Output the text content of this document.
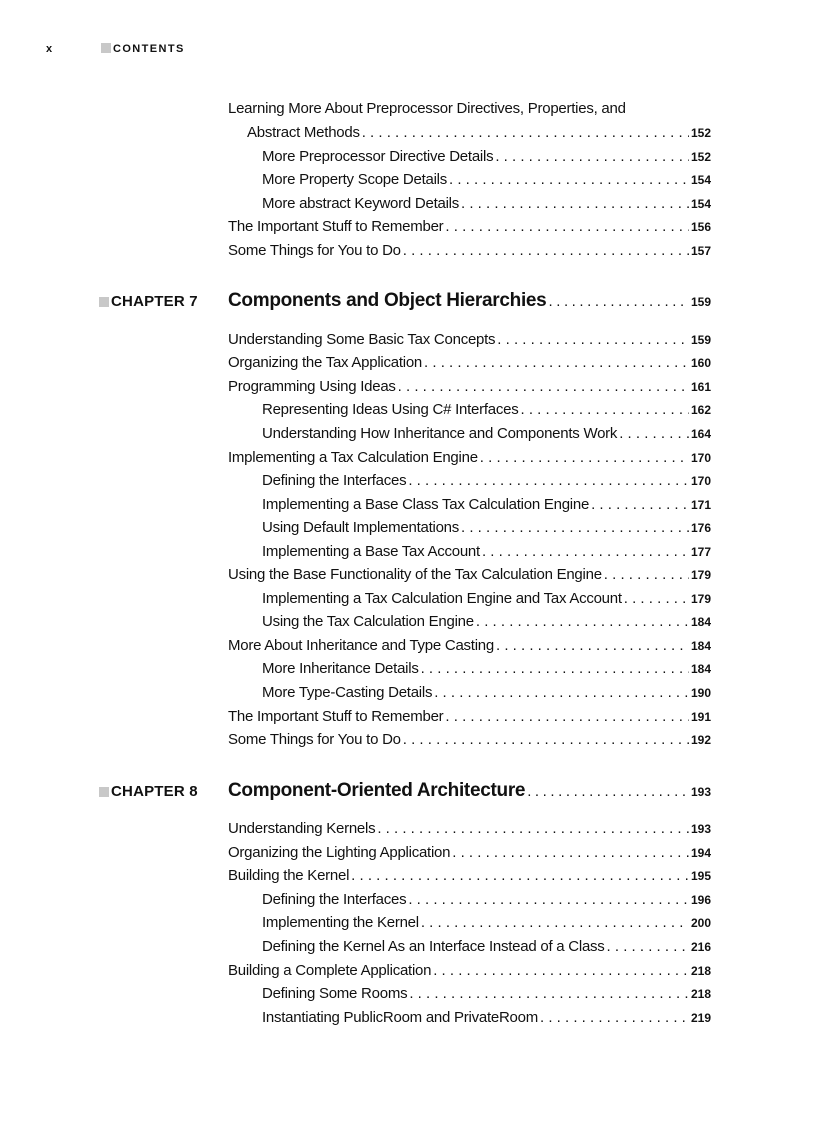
x	CONTENTS
Learning More About Preprocessor Directives, Properties, and
Abstract Methods . . .	152
More Preprocessor Directive Details . . .	152
More Property Scope Details . . .	154
More abstract Keyword Details . . .	154
The Important Stuff to Remember . . .	156
Some Things for You to Do . . .	157
CHAPTER 7 Components and Object Hierarchies . . .	159
Understanding Some Basic Tax Concepts . . .	159
Organizing the Tax Application . . .	160
Programming Using Ideas . . .	161
Representing Ideas Using C# Interfaces . . .	162
Understanding How Inheritance and Components Work . . .	164
Implementing a Tax Calculation Engine . . .	170
Defining the Interfaces . . .	170
Implementing a Base Class Tax Calculation Engine . . .	171
Using Default Implementations . . .	176
Implementing a Base Tax Account . . .	177
Using the Base Functionality of the Tax Calculation Engine . . .	179
Implementing a Tax Calculation Engine and Tax Account . . .	179
Using the Tax Calculation Engine . . .	184
More About Inheritance and Type Casting . . .	184
More Inheritance Details . . .	184
More Type-Casting Details . . .	190
The Important Stuff to Remember . . .	191
Some Things for You to Do . . .	192
CHAPTER 8 Component-Oriented Architecture . . .	193
Understanding Kernels . . .	193
Organizing the Lighting Application . . .	194
Building the Kernel . . .	195
Defining the Interfaces . . .	196
Implementing the Kernel . . .	200
Defining the Kernel As an Interface Instead of a Class . . .	216
Building a Complete Application . . .	218
Defining Some Rooms . . .	218
Instantiating PublicRoom and PrivateRoom . . .	219
